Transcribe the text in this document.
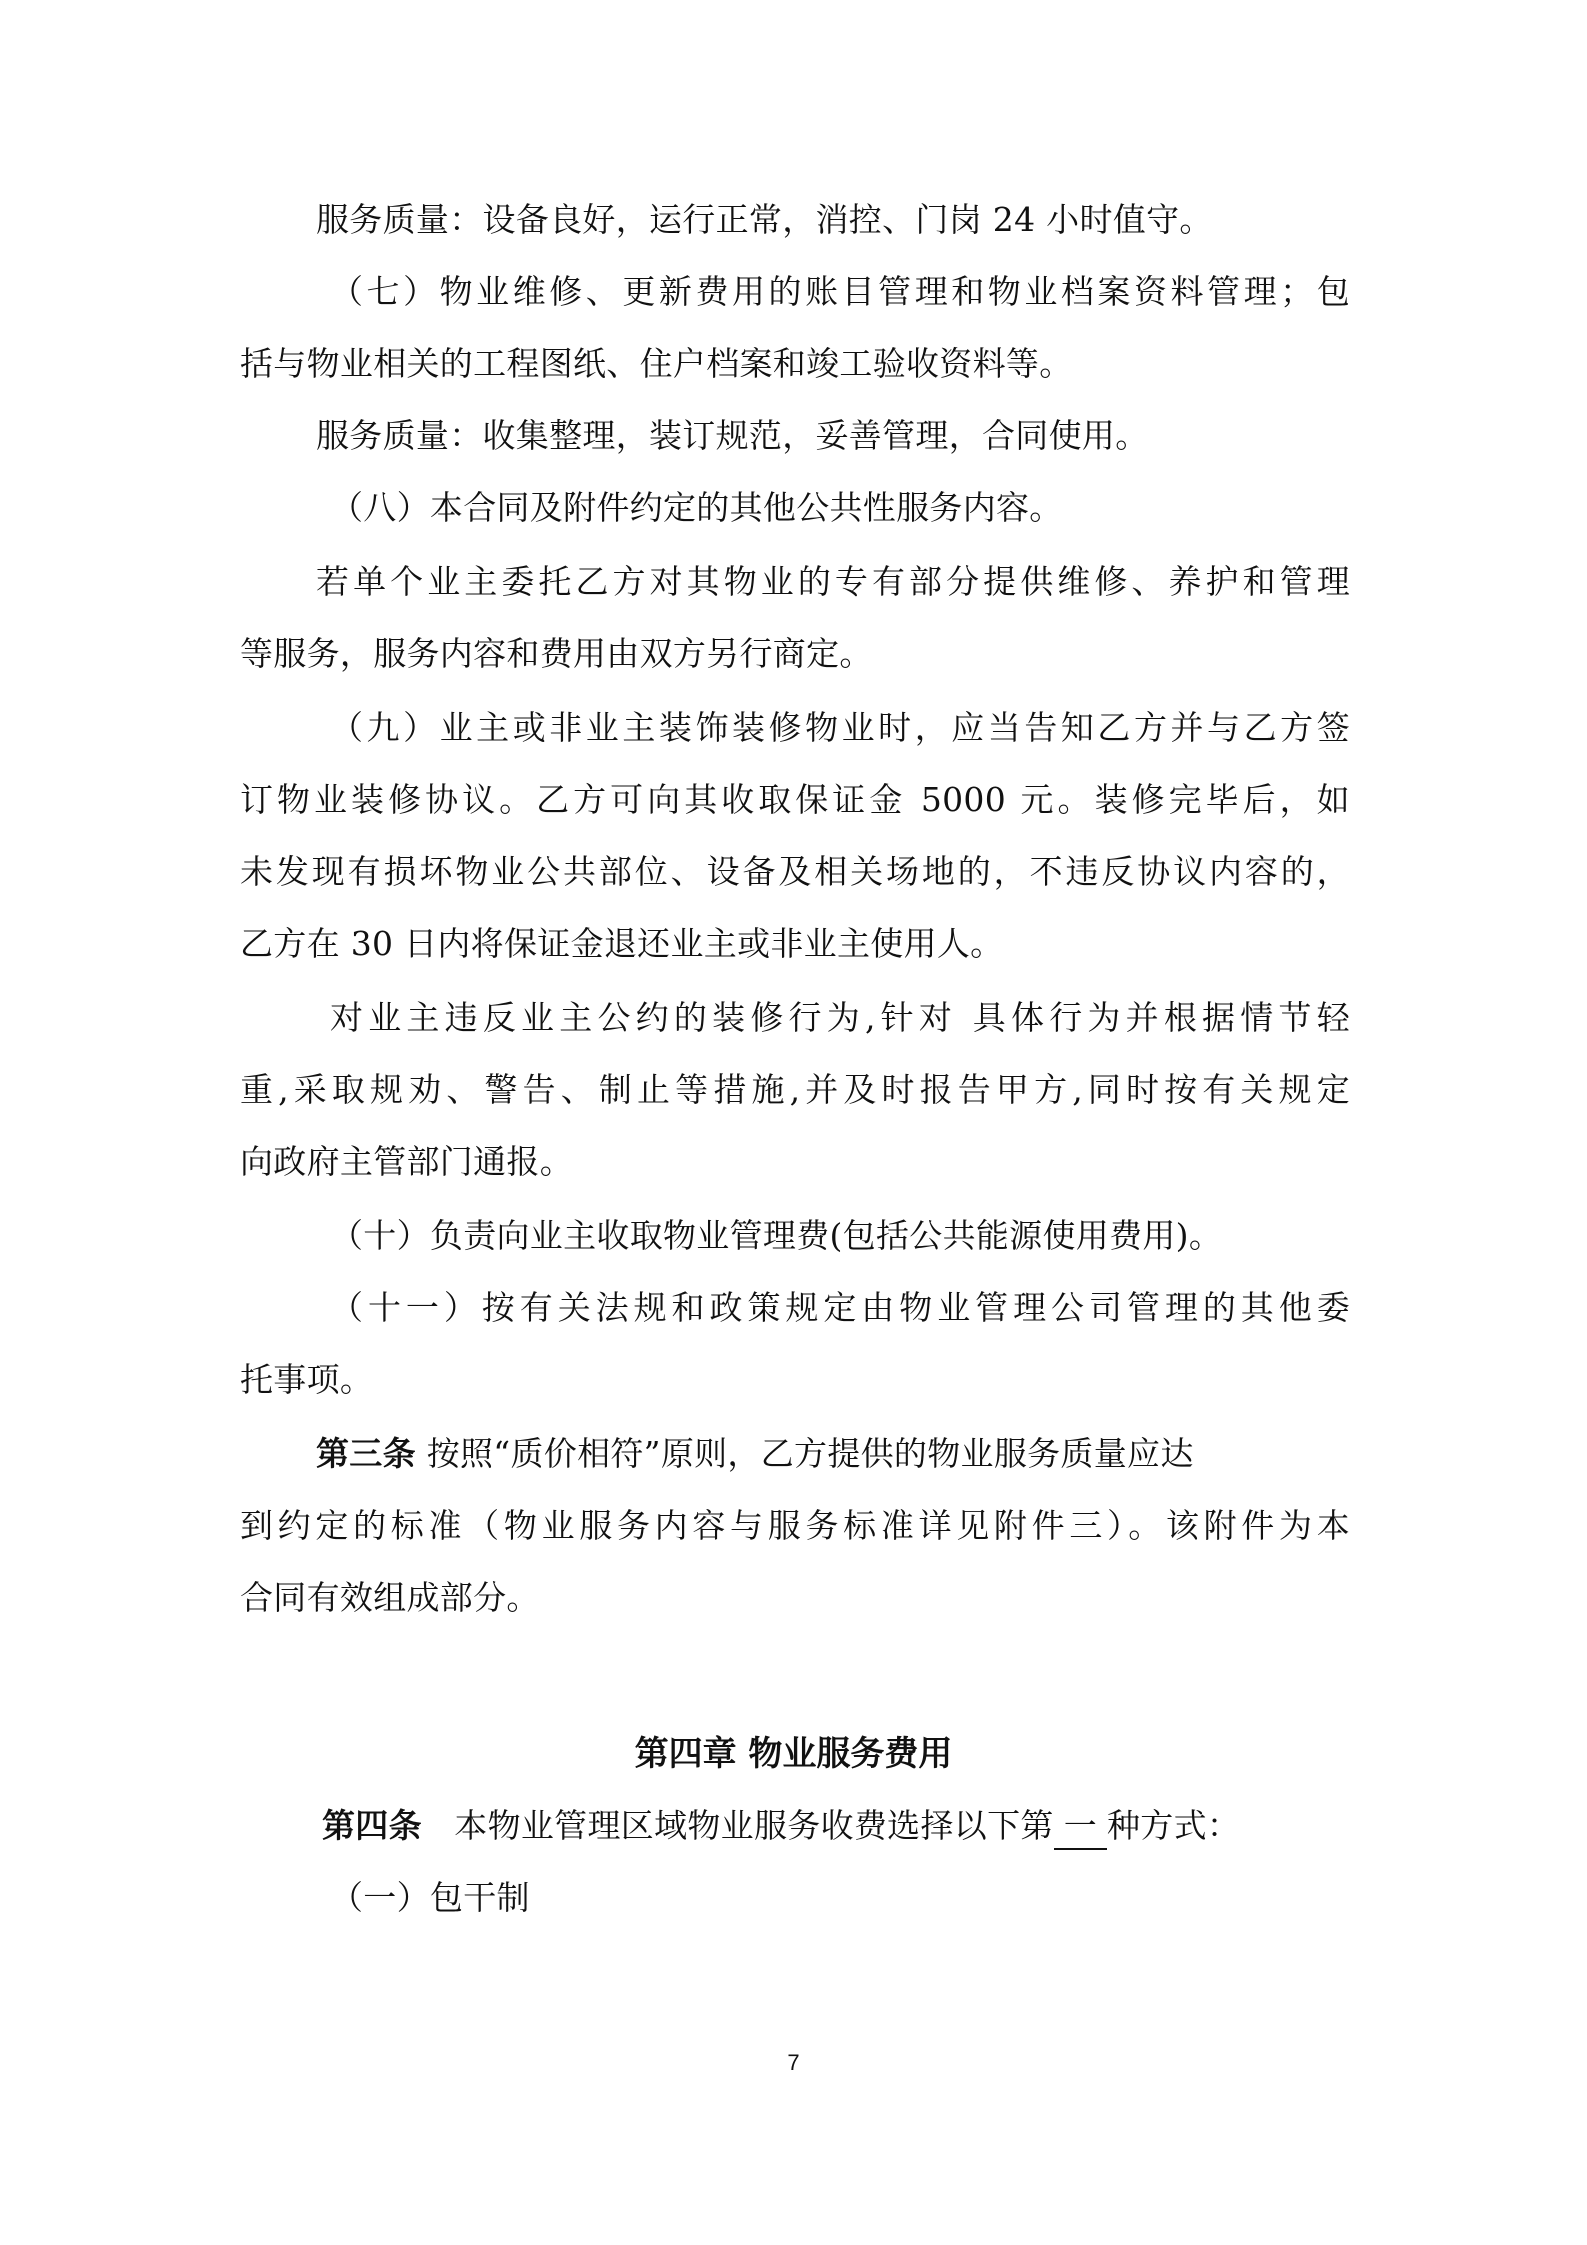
服务质量：设备良好，运行正常，消控、门岗 24 小时值守。
（七）物业维修、更新费用的账目管理和物业档案资料管理；包
括与物业相关的工程图纸、住户档案和竣工验收资料等。
服务质量：收集整理，装订规范，妥善管理，合同使用。
（八）本合同及附件约定的其他公共性服务内容。
若单个业主委托乙方对其物业的专有部分提供维修、养护和管理
等服务，服务内容和费用由双方另行商定。
（九）业主或非业主装饰装修物业时，应当告知乙方并与乙方签
订物业装修协议。乙方可向其收取保证金 5000 元。装修完毕后，如
未发现有损坏物业公共部位、设备及相关场地的，不违反协议内容的，
乙方在 30 日内将保证金退还业主或非业主使用人。
对业主违反业主公约的装修行为,针对 具体行为并根据情节轻
重,采取规劝、警告、制止等措施,并及时报告甲方,同时按有关规定
向政府主管部门通报。
（十）负责向业主收取物业管理费(包括公共能源使用费用)。
（十一）按有关法规和政策规定由物业管理公司管理的其他委
托事项。
第三条 按照“质价相符”原则，乙方提供的物业服务质量应达
到约定的标准（物业服务内容与服务标准详见附件三）。该附件为本
合同有效组成部分。
第四章 物业服务费用
第四条   本物业管理区域物业服务收费选择以下第 一 种方式：
（一）包干制
7
